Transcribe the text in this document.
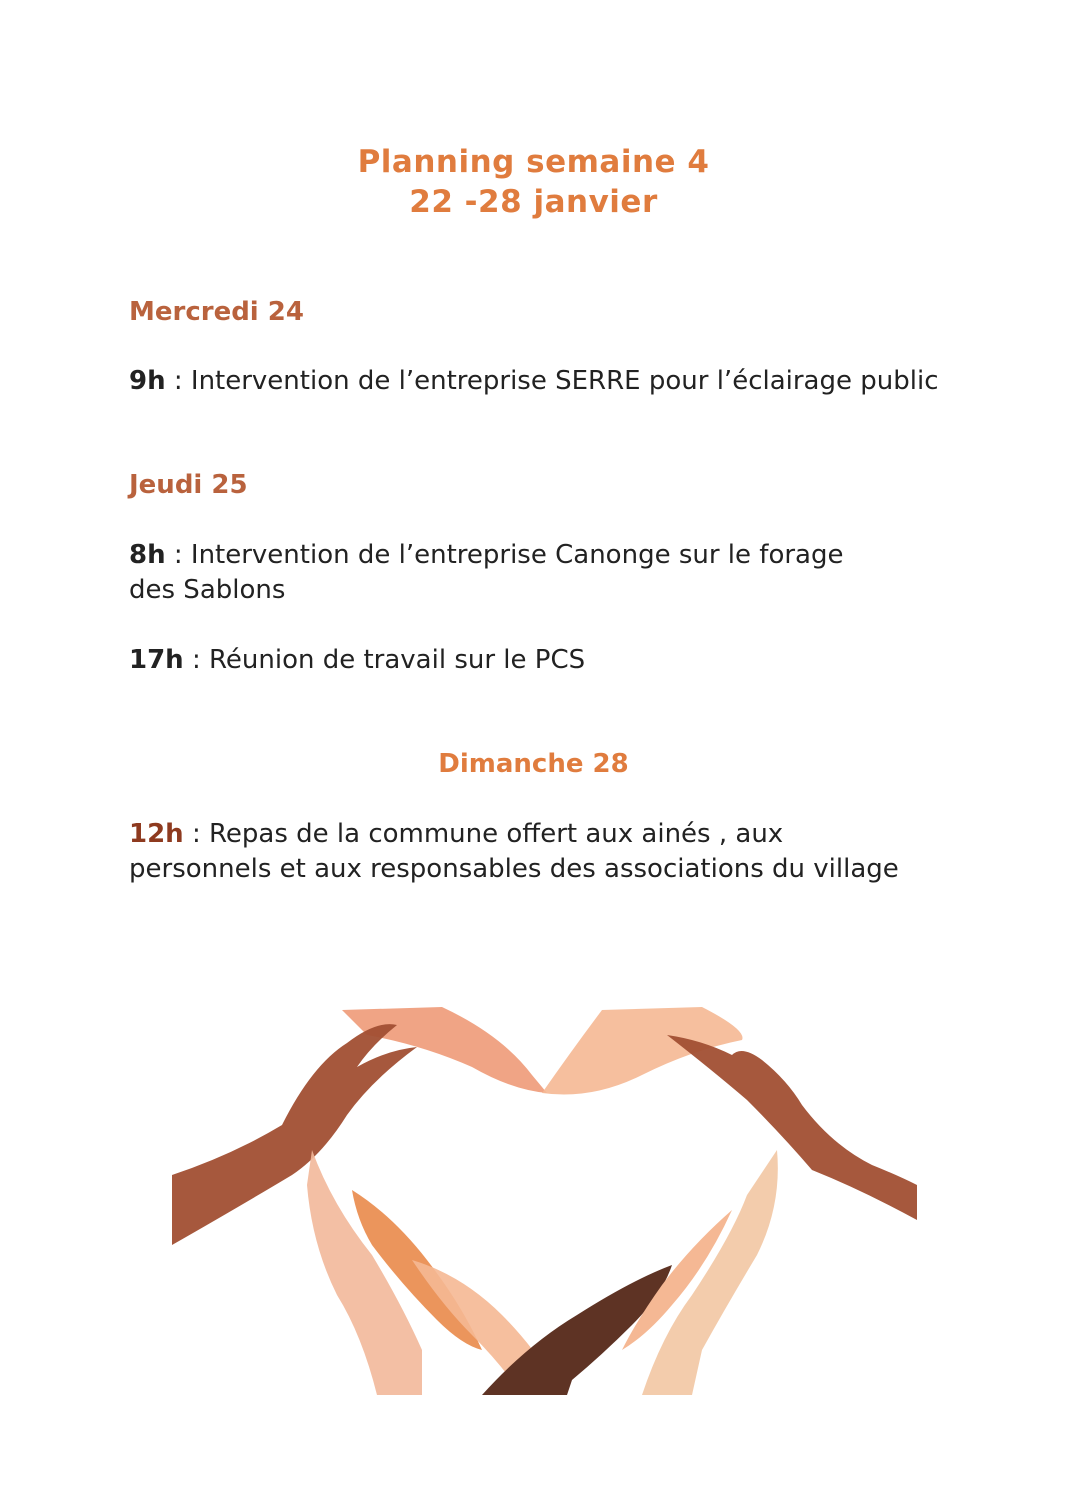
Planning semaine 4
22 -28 janvier
Mercredi 24
9h : Intervention de l’entreprise SERRE pour l’éclairage public
Jeudi 25
8h : Intervention de l’entreprise Canonge sur le forage des Sablons
17h : Réunion de travail sur le PCS
Dimanche 28
12h : Repas de la commune offert aux ainés , aux personnels et aux responsables des associations du village
